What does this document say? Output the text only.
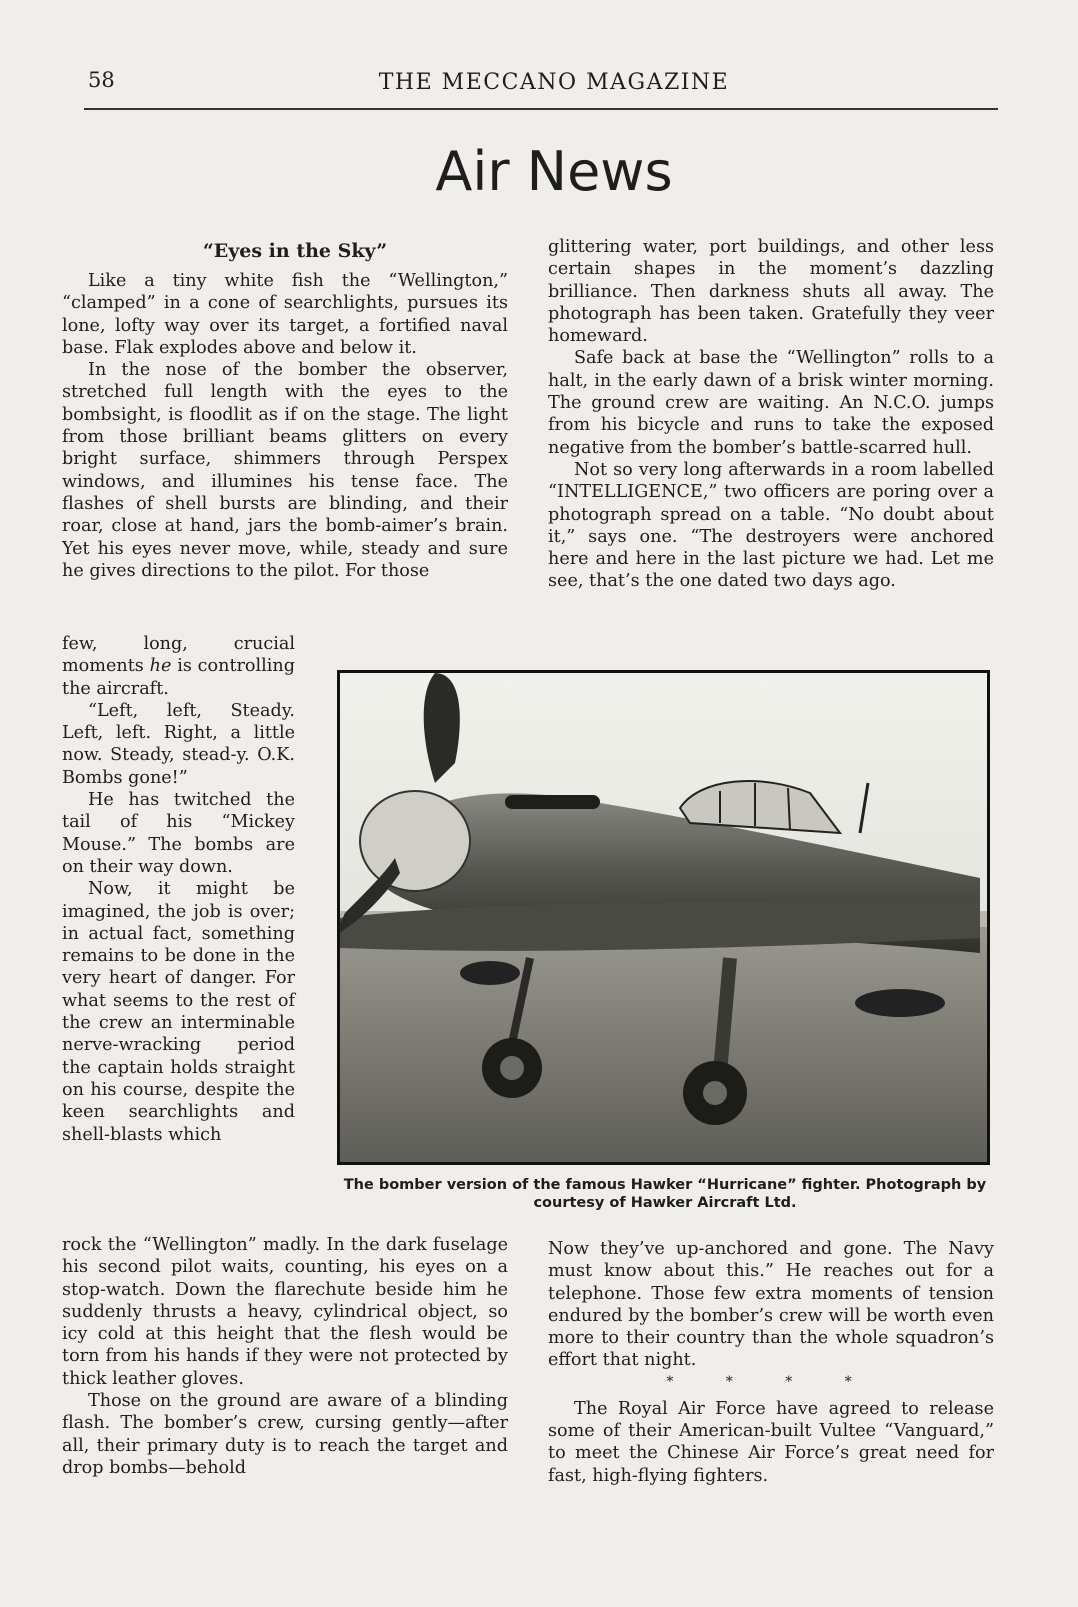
58	THE MECCANO MAGAZINE
Air News
“Eyes in the Sky”

Like a tiny white fish the “Wellington,” “clamped” in a cone of searchlights, pursues its lone, lofty way over its target, a fortified naval base. Flak explodes above and below it.

In the nose of the bomber the observer, stretched full length with the eyes to the bombsight, is floodlit as if on the stage. The light from those brilliant beams glitters on every bright surface, shimmers through Perspex windows, and illumines his tense face. The flashes of shell bursts are blinding, and their roar, close at hand, jars the bomb-aimer’s brain. Yet his eyes never move, while, steady and sure he gives directions to the pilot. For those

few, long, crucial moments he is controlling the aircraft.

“Left, left, Steady. Left, left. Right, a little now. Steady, stead-y. O.K. Bombs gone!”

He has twitched the tail of his “Mickey Mouse.” The bombs are on their way down.

Now, it might be imagined, the job is over; in actual fact, something remains to be done in the very heart of danger. For what seems to the rest of the crew an interminable nerve-wracking period the captain holds straight on his course, despite the keen searchlights and shell-blasts which

rock the “Wellington” madly. In the dark fuselage his second pilot waits, counting, his eyes on a stop-watch. Down the flarechute beside him he suddenly thrusts a heavy, cylindrical object, so icy cold at this height that the flesh would be torn from his hands if they were not protected by thick leather gloves.

Those on the ground are aware of a blinding flash. The bomber’s crew, cursing gently—after all, their primary duty is to reach the target and drop bombs—behold

glittering water, port buildings, and other less certain shapes in the moment’s dazzling brilliance. Then darkness shuts all away. The photograph has been taken. Gratefully they veer homeward.

Safe back at base the “Wellington” rolls to a halt, in the early dawn of a brisk winter morning. The ground crew are waiting. An N.C.O. jumps from his bicycle and runs to take the exposed negative from the bomber’s battle-scarred hull.

Not so very long afterwards in a room labelled “INTELLIGENCE,” two officers are poring over a photograph spread on a table. “No doubt about it,” says one. “The destroyers were anchored here and here in the last picture we had. Let me see, that’s the one dated two days ago.

The bomber version of the famous Hawker “Hurricane” fighter. Photograph by courtesy of Hawker Aircraft Ltd.

Now they’ve up-anchored and gone. The Navy must know about this.” He reaches out for a telephone. Those few extra moments of tension endured by the bomber’s crew will be worth even more to their country than the whole squadron’s effort that night.

* * * *

The Royal Air Force have agreed to release some of their American-built Vultee “Vanguard,” to meet the Chinese Air Force’s great need for fast, high-flying fighters.
